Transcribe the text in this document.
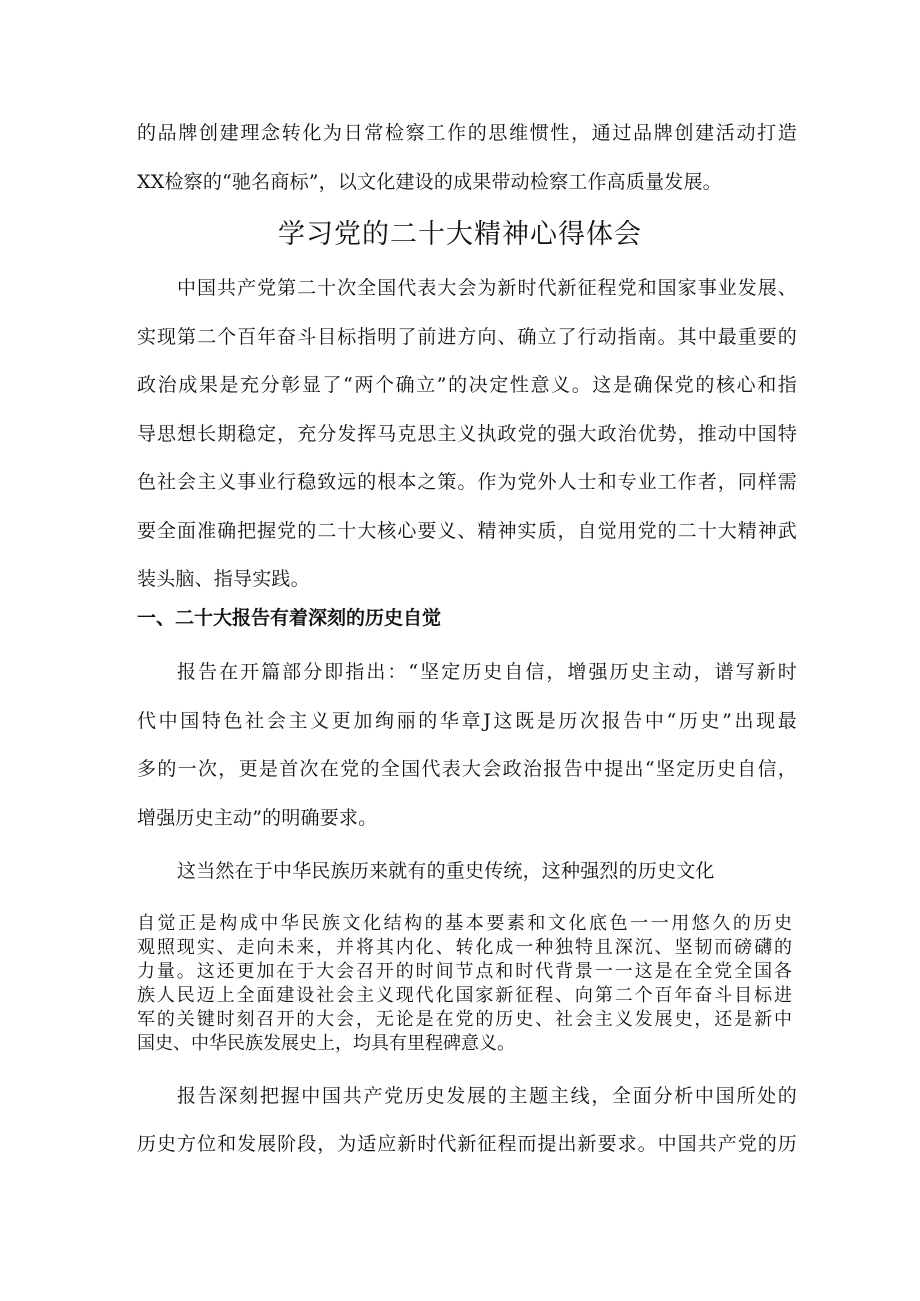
的品牌创建理念转化为日常检察工作的思维惯性，通过品牌创建活动打造
XX检察的“驰名商标”，以文化建设的成果带动检察工作高质量发展。
学习党的二十大精神心得体会
中国共产党第二十次全国代表大会为新时代新征程党和国家事业发展、
实现第二个百年奋斗目标指明了前进方向、确立了行动指南。其中最重要的
政治成果是充分彰显了“两个确立”的决定性意义。这是确保党的核心和指
导思想长期稳定，充分发挥马克思主义执政党的强大政治优势，推动中国特
色社会主义事业行稳致远的根本之策。作为党外人士和专业工作者，同样需
要全面准确把握党的二十大核心要义、精神实质，自觉用党的二十大精神武
装头脑、指导实践。
一、二十大报告有着深刻的历史自觉
报告在开篇部分即指出：“坚定历史自信，增强历史主动，谱写新时
代中国特色社会主义更加绚丽的华章J这既是历次报告中“历史”出现最
多的一次，更是首次在党的全国代表大会政治报告中提出“坚定历史自信，
增强历史主动”的明确要求。
这当然在于中华民族历来就有的重史传统，这种强烈的历史文化
自觉正是构成中华民族文化结构的基本要素和文化底色一一用悠久的历史
观照现实、走向未来，并将其内化、转化成一种独特且深沉、坚韧而磅礴的
力量。这还更加在于大会召开的时间节点和时代背景一一这是在全党全国各
族人民迈上全面建设社会主义现代化国家新征程、向第二个百年奋斗目标进
军的关键时刻召开的大会，无论是在党的历史、社会主义发展史，还是新中
国史、中华民族发展史上，均具有里程碑意义。
报告深刻把握中国共产党历史发展的主题主线，全面分析中国所处的
历史方位和发展阶段，为适应新时代新征程而提出新要求。中国共产党的历
